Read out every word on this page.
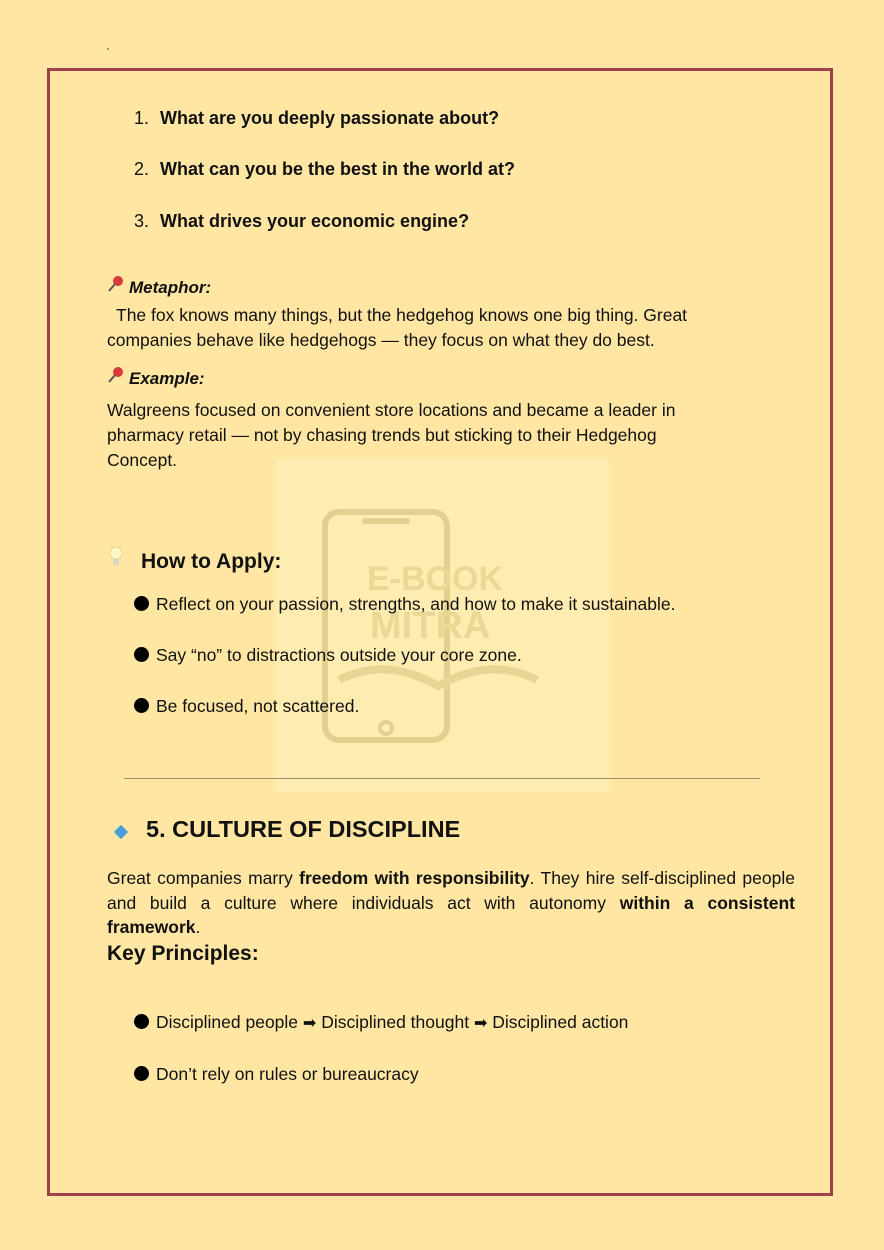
`
E-BOOK
MITRA
1. What are you deeply passionate about?
2. What can you be the best in the world at?
3. What drives your economic engine?
Metaphor:
The fox knows many things, but the hedgehog knows one big thing. Great
companies behave like hedgehogs — they focus on what they do best.
Example:
Walgreens focused on convenient store locations and became a leader in
pharmacy retail — not by chasing trends but sticking to their Hedgehog
Concept.
How to Apply:
Reflect on your passion, strengths, and how to make it sustainable.
Say “no” to distractions outside your core zone.
Be focused, not scattered.
5. CULTURE OF DISCIPLINE
Great companies marry freedom with responsibility. They hire self-disciplined people and build a culture where individuals act with autonomy within a consistent framework.
Key Principles:
Disciplined people ➡ Disciplined thought ➡ Disciplined action
Don’t rely on rules or bureaucracy
